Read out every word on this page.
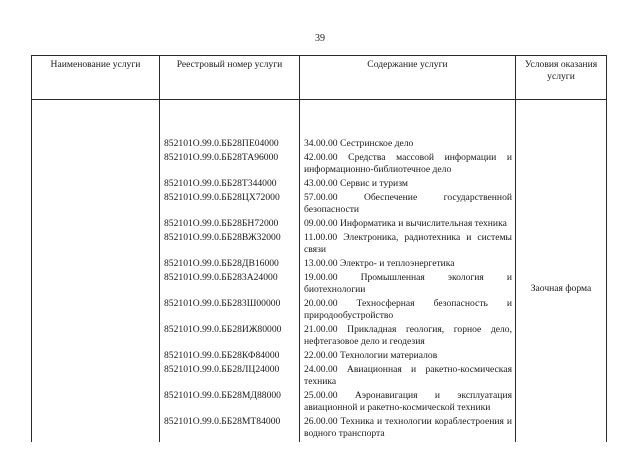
39
Наименование услуги	Реестровый номер услуги	Содержание услуги	Условия оказания услуги

	852101О.99.0.ББ28ПЕ04000	34.00.00 Сестринское дело	Заочная форма
	852101О.99.0.ББ28ТА96000	42.00.00 Средства массовой информации и информационно-библиотечное дело	
	852101О.99.0.ББ28Т344000	43.00.00 Сервис и туризм	
	852101О.99.0.ББ28ЦХ72000	57.00.00 Обеспечение государственной безопасности	
	852101О.99.0.ББ28БН72000	09.00.00 Информатика и вычислительная техника	
	852101О.99.0.ББ28ВЖ32000	11.00.00 Электроника, радиотехника и системы связи	
	852101О.99.0.ББ28ДВ16000	13.00.00 Электро- и теплоэнергетика	
	852101О.99.0.ББ283А24000	19.00.00 Промышленная экология и биотехнологии	
	852101О.99.0.ББ283Ш00000	20.00.00 Техносферная безопасность и природообустройство	
	852101О.99.0.ББ28ИЖ80000	21.00.00 Прикладная геология, горное дело, нефтегазовое дело и геодезия	
	852101О.99.0.ББ28КФ84000	22.00.00 Технологии материалов	
	852101О.99.0.ББ28ЛЦ24000	24.00.00 Авиационная и ракетно-космическая техника	
	852101О.99.0.ББ28МД88000	25.00.00 Аэронавигация и эксплуатация авиационной и ракетно-космической техники	
	852101О.99.0.ББ28МТ84000	26.00.00 Техника и технологии кораблестроения и водного транспорта	
